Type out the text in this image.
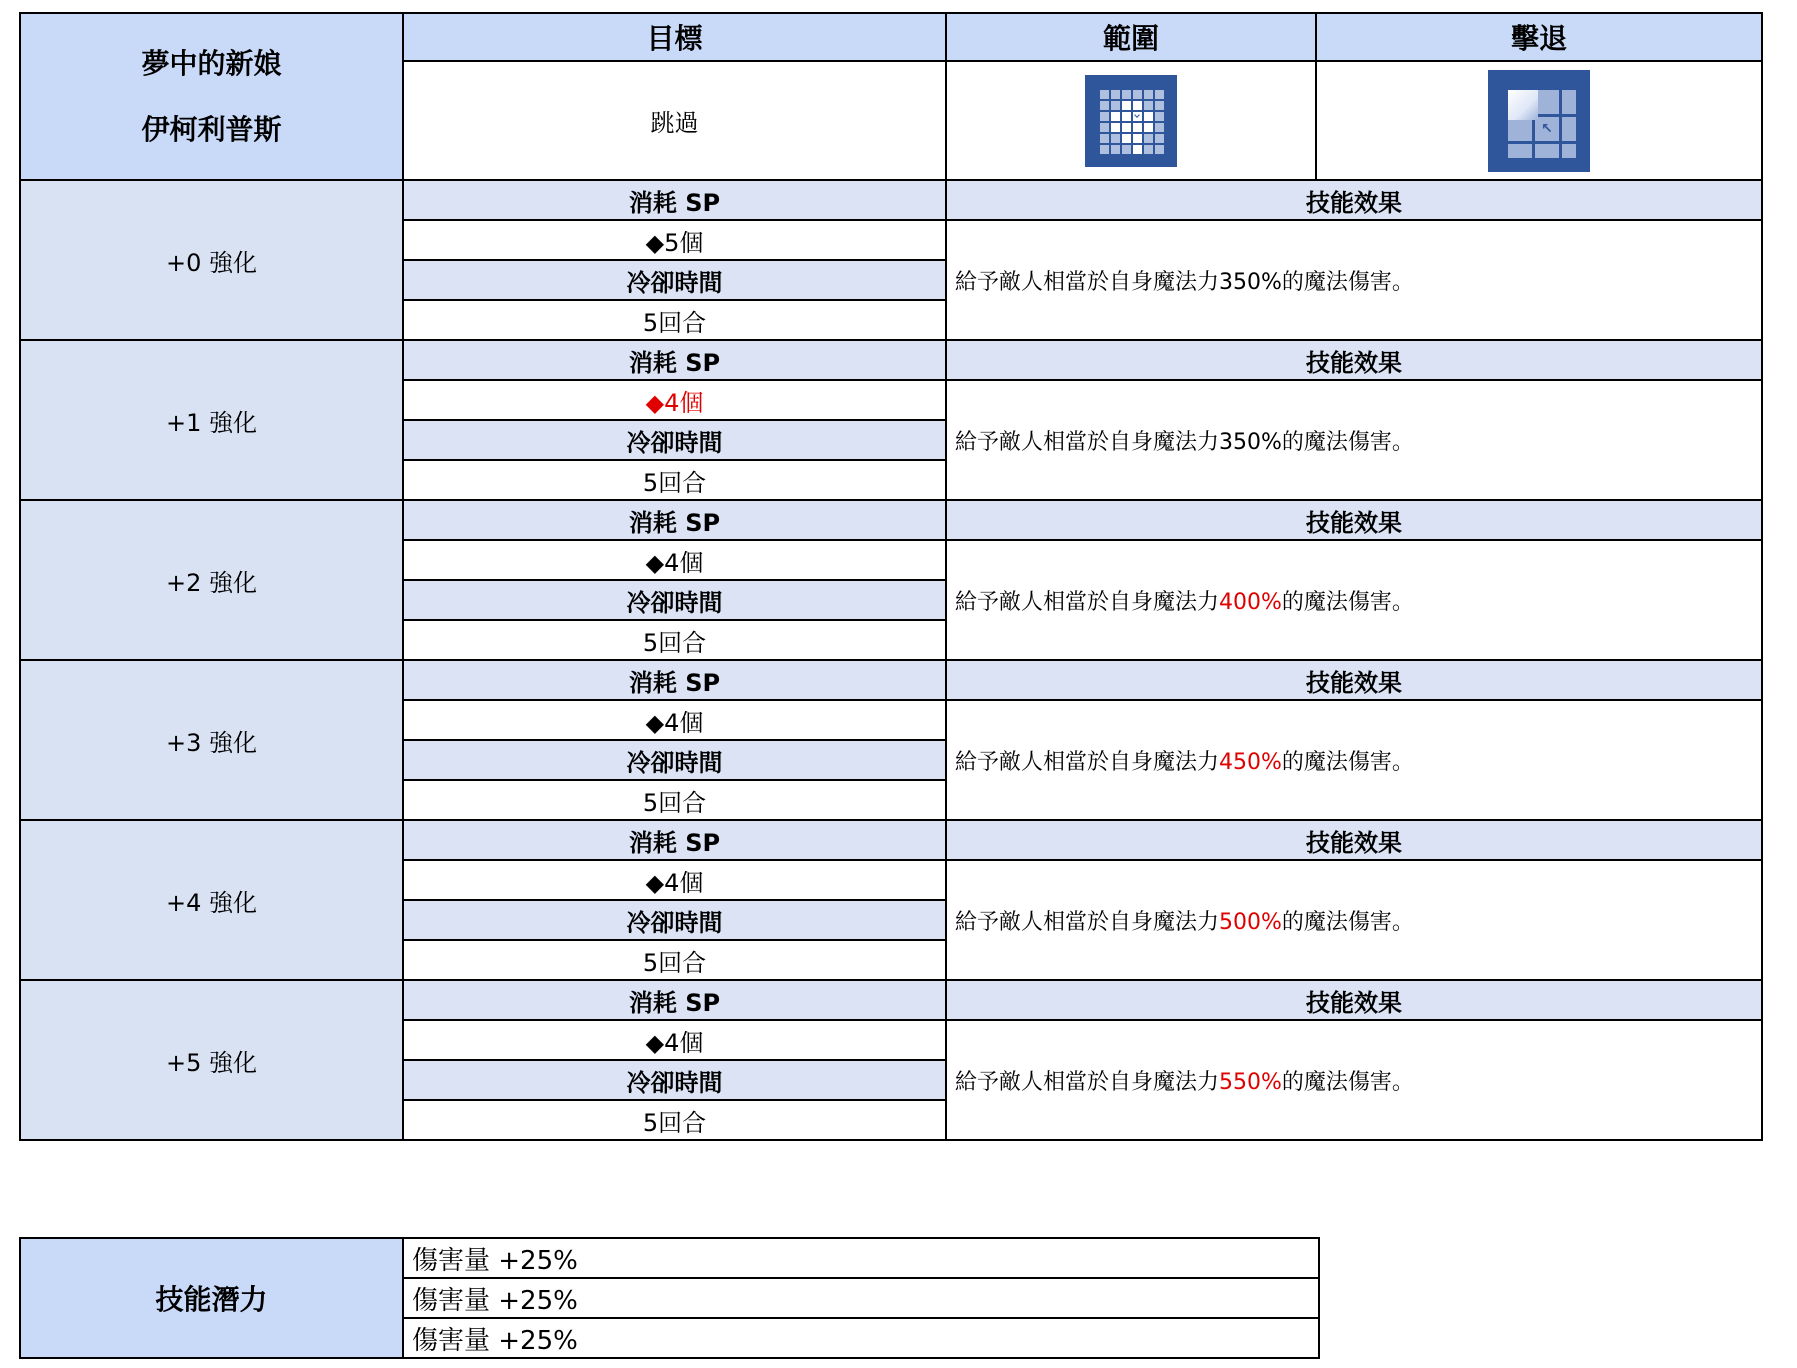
夢中的新娘
伊柯利普斯	目標	範圍	擊退
	跳過		↖

+0 強化	消耗 SP	技能效果	
	◆5個	給予敵人相當於自身魔法力350%的魔法傷害。	
	冷卻時間		
	5回合		
+1 強化	消耗 SP	技能效果	
	◆4個	給予敵人相當於自身魔法力350%的魔法傷害。	
	冷卻時間		
	5回合		
+2 強化	消耗 SP	技能效果	
	◆4個	給予敵人相當於自身魔法力400%的魔法傷害。	
	冷卻時間		
	5回合		
+3 強化	消耗 SP	技能效果	
	◆4個	給予敵人相當於自身魔法力450%的魔法傷害。	
	冷卻時間		
	5回合		
+4 強化	消耗 SP	技能效果	
	◆4個	給予敵人相當於自身魔法力500%的魔法傷害。	
	冷卻時間		
	5回合		
+5 強化	消耗 SP	技能效果	
	◆4個	給予敵人相當於自身魔法力550%的魔法傷害。	
	冷卻時間		
	5回合		
技能潛力	傷害量 +25%
傷害量 +25%
傷害量 +25%
